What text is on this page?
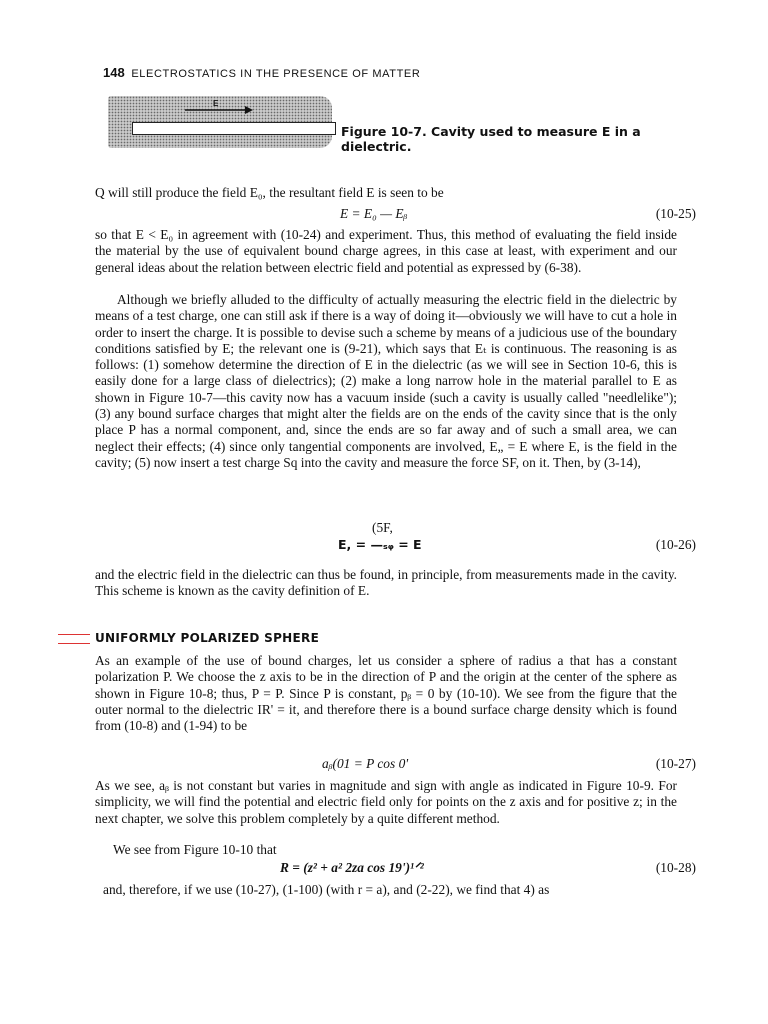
148 ELECTROSTATICS IN THE PRESENCE OF MATTER
E
Figure 10-7. Cavity used to measure E in a
dielectric.

Q will still produce the field E₀, the resultant field E is seen to be

E = E₀ — Eᵦ	(10-25)

so that E < E₀ in agreement with (10-24) and experiment. Thus, this method of evaluating the field inside the material by the use of equivalent bound charge agrees, in this case at least, with experiment and our general ideas about the relation between electric field and potential as expressed by (6-38).

Although we briefly alluded to the difficulty of actually measuring the electric field in the dielectric by means of a test charge, one can still ask if there is a way of doing it—obviously we will have to cut a hole in order to insert the charge. It is possible to devise such a scheme by means of a judicious use of the boundary conditions satisfied by E; the relevant one is (9-21), which says that Eₜ is continuous. The reasoning is as follows: (1) somehow determine the direction of E in the dielectric (as we will see in Section 10-6, this is easily done for a large class of dielectrics); (2) make a long narrow hole in the material parallel to E as shown in Figure 10-7—this cavity now has a vacuum inside (such a cavity is usually called "needlelike"); (3) any bound surface charges that might alter the fields are on the ends of the cavity since that is the only place P has a normal component, and, since the ends are so far away and of such a small area, we can neglect their effects; (4) since only tangential components are involved, E„ = E where E, is the field in the cavity; (5) now insert a test charge Sq into the cavity and measure the force SF, on it. Then, by (3-14),

(5F,
E, = —ₛᵩ = E	(10-26)

and the electric field in the dielectric can thus be found, in principle, from measurements made in the cavity. This scheme is known as the cavity definition of E.

UNIFORMLY POLARIZED SPHERE

As an example of the use of bound charges, let us consider a sphere of radius a that has a constant polarization P. We choose the z axis to be in the direction of P and the origin at the center of the sphere as shown in Figure 10-8; thus, P = P. Since P is constant, pᵦ = 0 by (10-10). We see from the figure that the outer normal to the dielectric IR' = it, and therefore there is a bound surface charge density which is found from (10-8) and (1-94) to be

aᵦ(01 = P cos 0'	(10-27)

As we see, aᵦ is not constant but varies in magnitude and sign with angle as indicated in Figure 10-9. For simplicity, we will find the potential and electric field only for points on the z axis and for positive z; in the next chapter, we solve this problem completely by a quite different method.

We see from Figure 10-10 that

R = (z² + a² 2za cos 19')¹ᐟ²	(10-28)

and, therefore, if we use (10-27), (1-100) (with r = a), and (2-22), we find that 4) as
